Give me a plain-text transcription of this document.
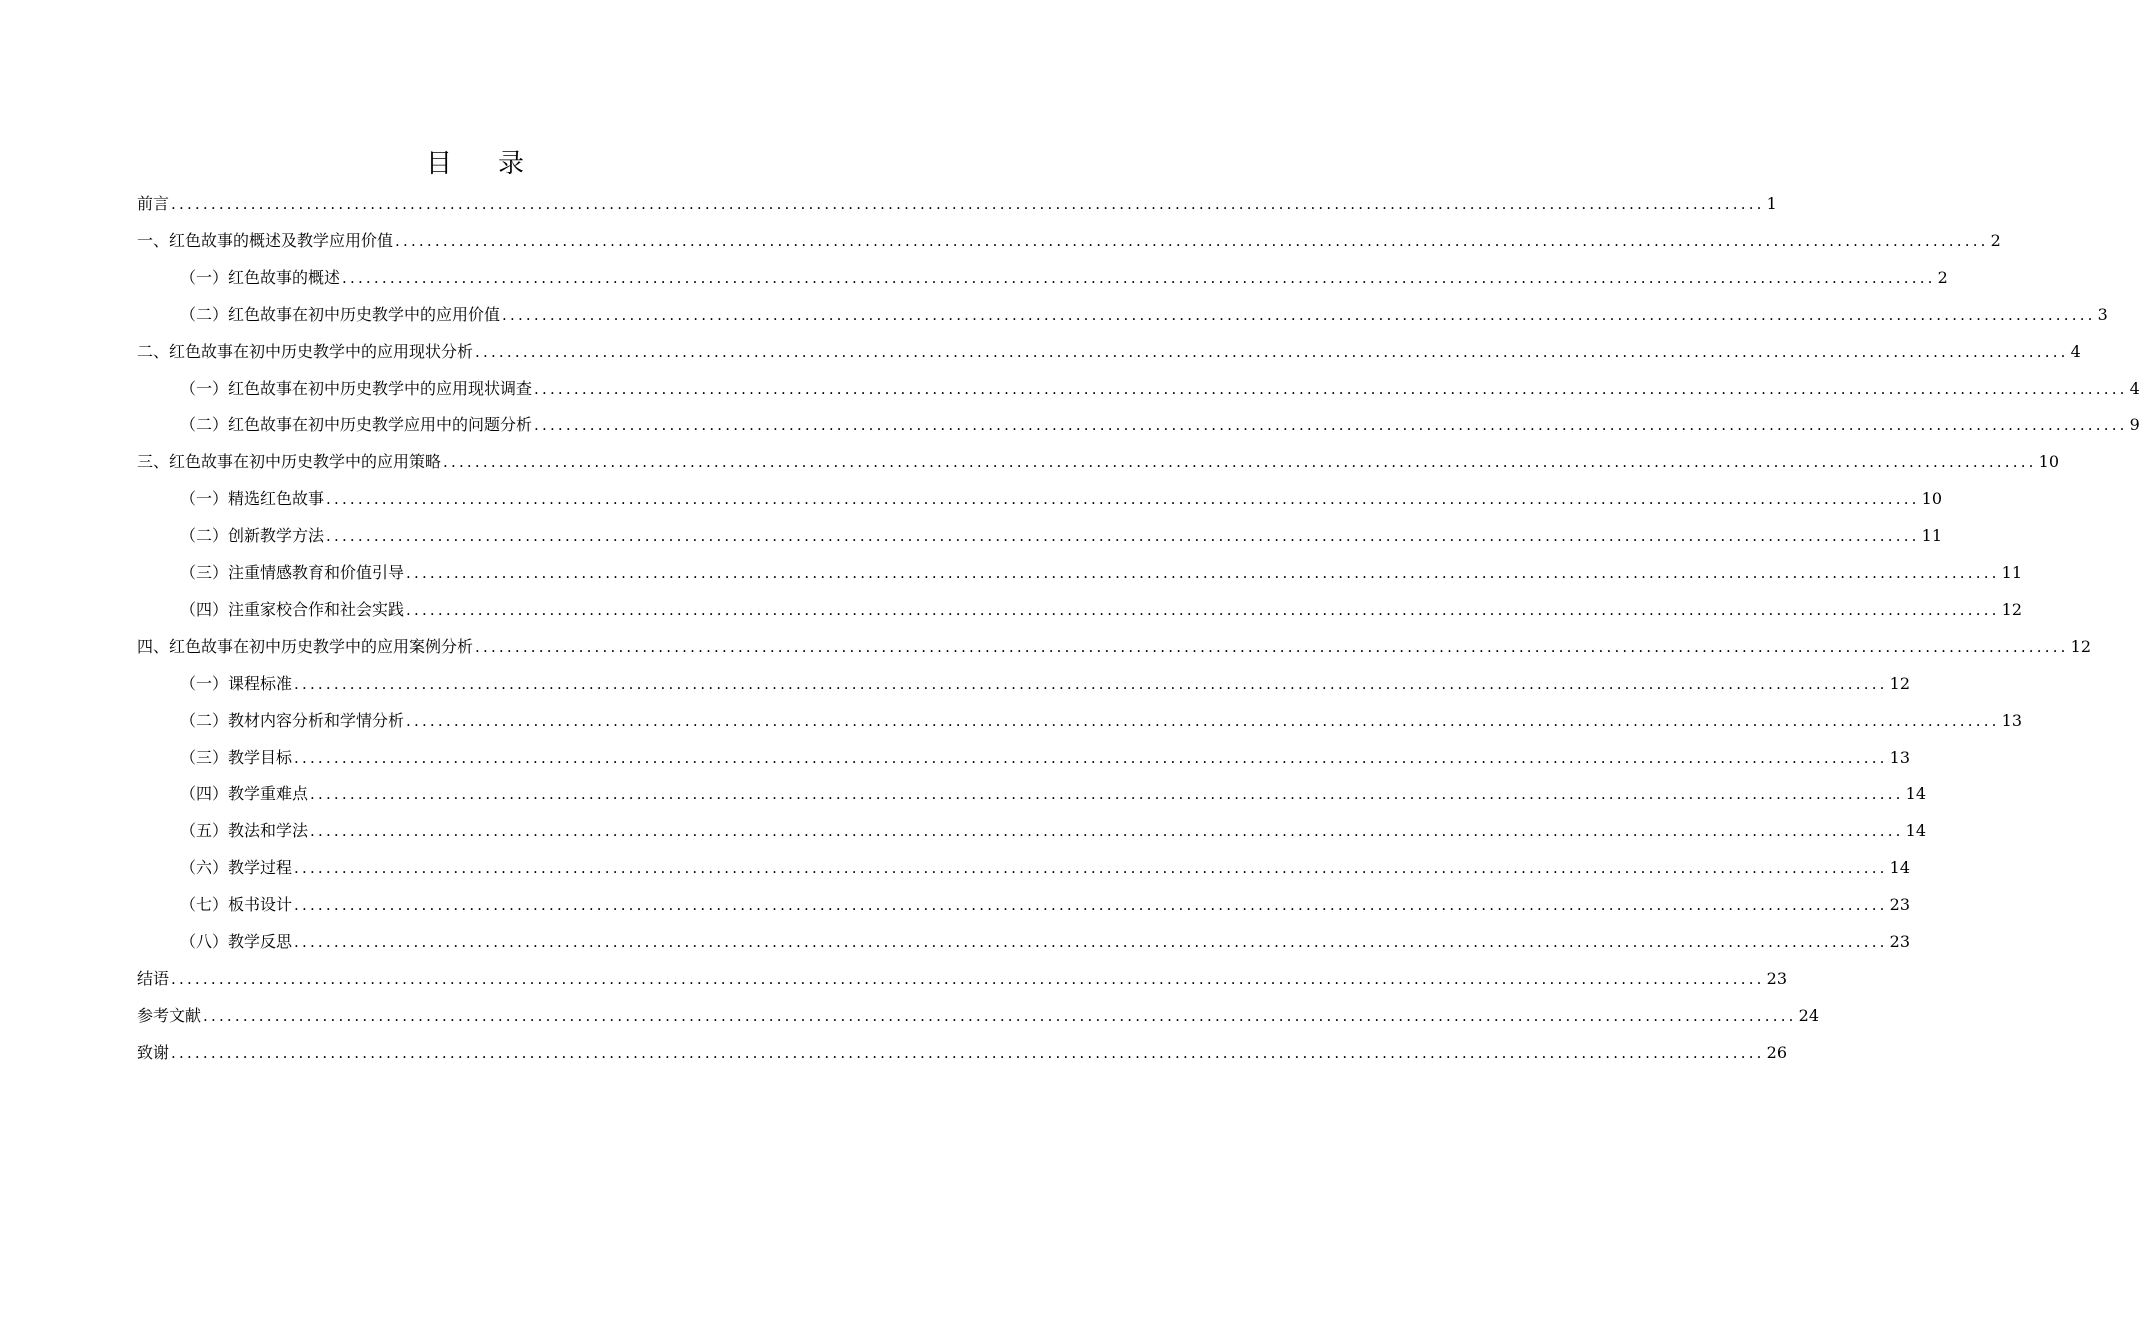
目 录
前言 ........................................................................................................................................................................................................ 1
一、红色故事的概述及教学应用价值 ........................................................................................................................................................................................................ 2
（一）红色故事的概述 ........................................................................................................................................................................................................ 2
（二）红色故事在初中历史教学中的应用价值 ........................................................................................................................................................................................................ 3
二、红色故事在初中历史教学中的应用现状分析 ........................................................................................................................................................................................................ 4
（一）红色故事在初中历史教学中的应用现状调查 ........................................................................................................................................................................................................ 4
（二）红色故事在初中历史教学应用中的问题分析 ........................................................................................................................................................................................................ 9
三、红色故事在初中历史教学中的应用策略 ........................................................................................................................................................................................................ 10
（一）精选红色故事 ........................................................................................................................................................................................................ 10
（二）创新教学方法 ........................................................................................................................................................................................................ 11
（三）注重情感教育和价值引导 ........................................................................................................................................................................................................ 11
（四）注重家校合作和社会实践 ........................................................................................................................................................................................................ 12
四、红色故事在初中历史教学中的应用案例分析 ........................................................................................................................................................................................................ 12
（一）课程标准 ........................................................................................................................................................................................................ 12
（二）教材内容分析和学情分析 ........................................................................................................................................................................................................ 13
（三）教学目标 ........................................................................................................................................................................................................ 13
（四）教学重难点 ........................................................................................................................................................................................................ 14
（五）教法和学法 ........................................................................................................................................................................................................ 14
（六）教学过程 ........................................................................................................................................................................................................ 14
（七）板书设计 ........................................................................................................................................................................................................ 23
（八）教学反思 ........................................................................................................................................................................................................ 23
结语 ........................................................................................................................................................................................................ 23
参考文献 ........................................................................................................................................................................................................ 24
致谢 ........................................................................................................................................................................................................ 26
